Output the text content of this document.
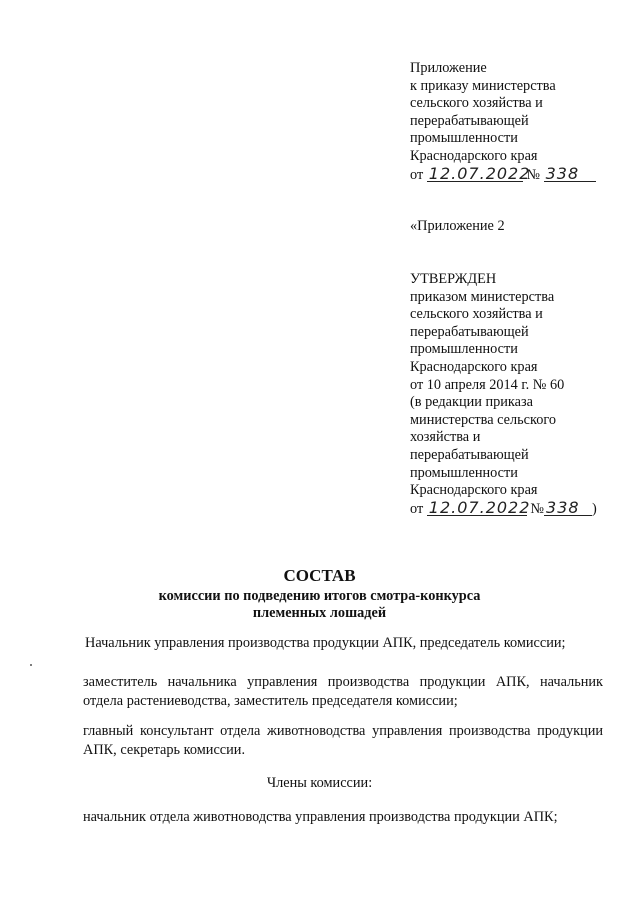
Приложение
к приказу министерства
сельского хозяйства и
перерабатывающей
промышленности
Краснодарского края
от 12.07.2022 № 338
«Приложение 2
УТВЕРЖДЕН
приказом министерства
сельского хозяйства и
перерабатывающей
промышленности
Краснодарского края
от 10 апреля 2014 г. № 60
(в редакции приказа
министерства сельского
хозяйства и
перерабатывающей
промышленности
Краснодарского края
от 12.07.2022 № 338 )
СОСТАВ
комиссии по подведению итогов смотра-конкурса
племенных лошадей
Начальник управления производства продукции АПК, председатель комиссии;
заместитель начальника управления производства продукции АПК, начальник отдела растениеводства, заместитель председателя комиссии;
главный консультант отдела животноводства управления производства продукции АПК, секретарь комиссии.
Члены комиссии:
начальник отдела животноводства управления производства продукции АПК;
